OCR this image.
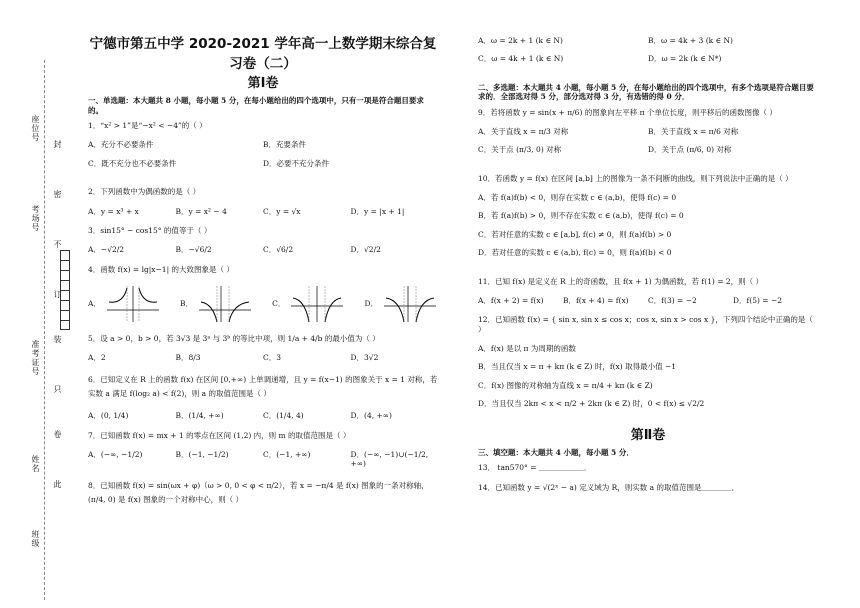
座位号
封
密
考场号
不
订
装
准考证号
只
卷
此
姓名
班级
宁德市第五中学 2020-2021 学年高一上数学期末综合复习卷（二）
第Ⅰ卷
一、单选题：本大题共 8 小题，每小题 5 分，在每小题给出的四个选项中，只有一项是符合题目要求的。
1．“x² > 1”是“−x² < −4”的（ ）
A．充分不必要条件	B．充要条件
C．既不充分也不必要条件	D．必要不充分条件
2．下列函数中为偶函数的是（ ）
A．y = x³ + x	B．y = x² − 4	C．y = √x	D．y = |x + 1|
3．sin15° − cos15° 的值等于（ ）
A．−√2/2	B．−√6/2	C．√6/2	D．√2/2
4．函数 f(x) = lg|x−1| 的大致图象是（ ）
A．	B．	C．	D．
5．设 a > 0，b > 0，若 3√3 是 3ᵃ 与 3ᵇ 的等比中项，则 1/a + 4/b 的最小值为（ ）
A．2	B．8/3	C．3	D．3√2
6．已知定义在 R 上的函数 f(x) 在区间 [0,+∞) 上单调递增，且 y = f(x−1) 的图象关于 x = 1 对称，若实数 a 满足 f(log₂ a) < f(2)，则 a 的取值范围是（ ）
A．(0, 1/4)	B．(1/4, +∞)	C．(1/4, 4)	D．(4, +∞)
7．已知函数 f(x) = mx + 1 的零点在区间 (1,2) 内，则 m 的取值范围是（ ）
A．(−∞, −1/2)	B．(−1, −1/2)	C．(−1, +∞)	D．(−∞, −1)∪(−1/2, +∞)
8．已知函数 f(x) = sin(ωx + φ)（ω > 0, 0 < φ < π/2），若 x = −π/4 是 f(x) 图象的一条对称轴，(π/4, 0) 是 f(x) 图象的一个对称中心，则（ ）
A．ω = 2k + 1 (k ∈ N)	B．ω = 4k + 3 (k ∈ N)
C．ω = 4k + 1 (k ∈ N)	D．ω = 2k (k ∈ N*)
二、多选题：本大题共 4 小题，每小题 5 分，在每小题给出的四个选项中，有多个选项是符合题目要求的．全部选对得 5 分，部分选对得 3 分，有选错的得 0 分．
9．若将函数 y = sin(x + π/6) 的图象向左平移 π 个单位长度，则平移后的函数图像（ ）
A．关于直线 x = π/3 对称	B．关于直线 x = π/6 对称
C．关于点 (π/3, 0) 对称	D．关于点 (π/6, 0) 对称
10．若函数 y = f(x) 在区间 [a,b] 上的图像为一条不间断的曲线，则下列说法中正确的是（ ）
A．若 f(a)f(b) < 0，则存在实数 c ∈ (a,b)，使得 f(c) = 0
B．若 f(a)f(b) > 0，则不存在实数 c ∈ (a,b)，使得 f(c) = 0
C．若对任意的实数 c ∈ [a,b], f(c) ≠ 0，则 f(a)f(b) > 0
D．若对任意的实数 c ∈ (a,b), f(c) = 0，则 f(a)f(b) < 0
11．已知 f(x) 是定义在 R 上的奇函数，且 f(x + 1) 为偶函数，若 f(1) = 2，则（ ）
A．f(x + 2) = f(x)	B．f(x + 4) = f(x)	C．f(3) = −2	D．f(5) = −2
12．已知函数 f(x) = { sin x, sin x ≤ cos x；cos x, sin x > cos x }，下列四个结论中正确的是（ ）
A．f(x) 是以 π 为周期的函数
B．当且仅当 x = π + kπ (k ∈ Z) 时，f(x) 取得最小值 −1
C．f(x) 图像的对称轴为直线 x = π/4 + kπ (k ∈ Z)
D．当且仅当 2kπ < x < π/2 + 2kπ (k ∈ Z) 时，0 < f(x) ≤ √2/2
第Ⅱ卷
三、填空题：本大题共 4 小题，每小题 5 分．
13． tan570° = ＿＿＿＿＿＿．
14．已知函数 y = √(2ˣ − a) 定义域为 R，则实数 a 的取值范围是＿＿＿＿．
